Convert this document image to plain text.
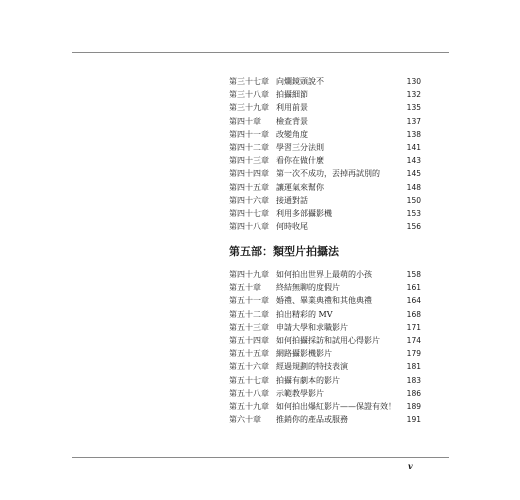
第三十七章 向爛鏡頭說不	130
第三十八章 拍攝細節	132
第三十九章 利用前景	135
第四十章 檢查背景	137
第四十一章 改變角度	138
第四十二章 學習三分法則	141
第四十三章 看你在做什麼	143
第四十四章 第一次不成功，丟掉再試別的	145
第四十五章 讓運氣來幫你	148
第四十六章 接通對話	150
第四十七章 利用多部攝影機	153
第四十八章 何時收尾	156
第五部：類型片拍攝法
第四十九章 如何拍出世界上最萌的小孩	158
第五十章 終結無聊的度假片	161
第五十一章 婚禮、畢業典禮和其他典禮	164
第五十二章 拍出精彩的 MV	168
第五十三章 申請大學和求職影片	171
第五十四章 如何拍攝採訪和試用心得影片	174
第五十五章 網路攝影機影片	179
第五十六章 經過規劃的特技表演	181
第五十七章 拍攝有劇本的影片	183
第五十八章 示範教學影片	186
第五十九章 如何拍出爆紅影片——保證有效！ 189
第六十章 推銷你的產品或服務	191
v
